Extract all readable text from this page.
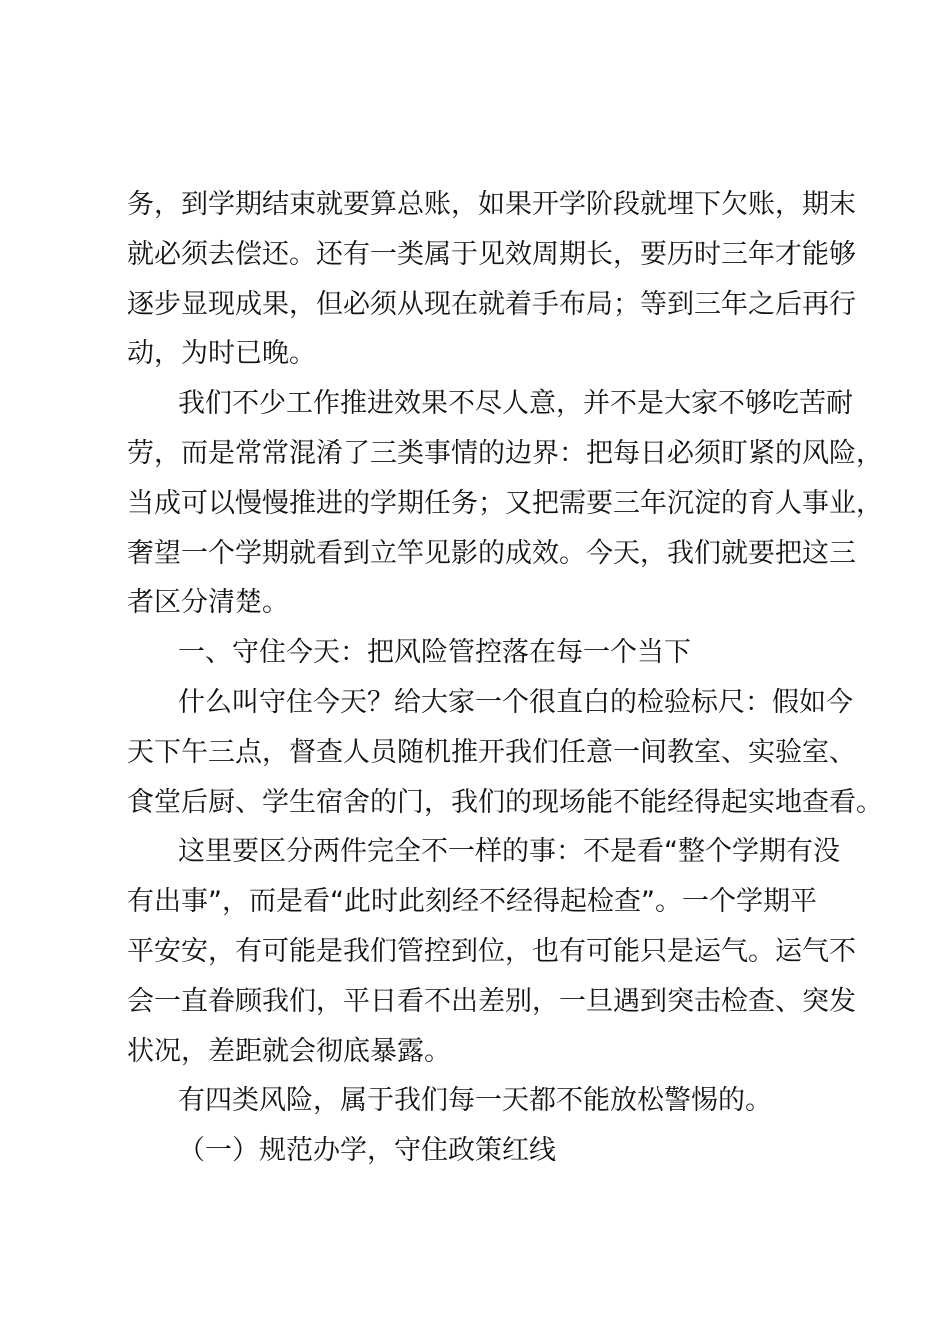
务，到学期结束就要算总账，如果开学阶段就埋下欠账，期末
就必须去偿还。还有一类属于见效周期长，要历时三年才能够
逐步显现成果，但必须从现在就着手布局；等到三年之后再行
动，为时已晚。
我们不少工作推进效果不尽人意，并不是大家不够吃苦耐
劳，而是常常混淆了三类事情的边界：把每日必须盯紧的风险，
当成可以慢慢推进的学期任务；又把需要三年沉淀的育人事业，
奢望一个学期就看到立竿见影的成效。今天，我们就要把这三
者区分清楚。
一、守住今天：把风险管控落在每一个当下
什么叫守住今天？给大家一个很直白的检验标尺：假如今
天下午三点，督查人员随机推开我们任意一间教室、实验室、
食堂后厨、学生宿舍的门，我们的现场能不能经得起实地查看。
这里要区分两件完全不一样的事：不是看“整个学期有没
有出事”，而是看“此时此刻经不经得起检查”。一个学期平
平安安，有可能是我们管控到位，也有可能只是运气。运气不
会一直眷顾我们，平日看不出差别，一旦遇到突击检查、突发
状况，差距就会彻底暴露。
有四类风险，属于我们每一天都不能放松警惕的。
（一）规范办学，守住政策红线
